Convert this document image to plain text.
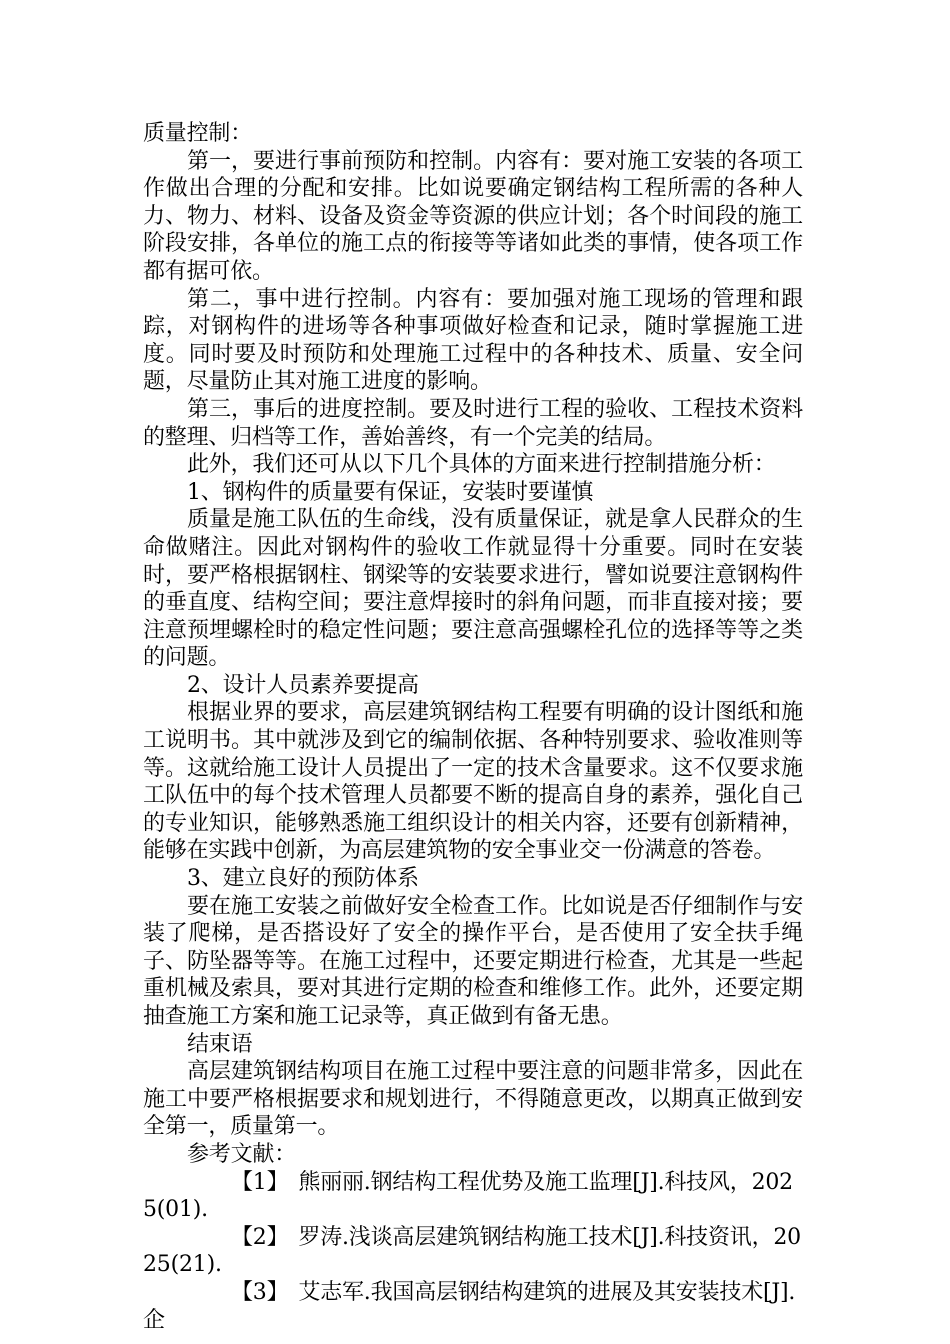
质量控制：

第一，要进行事前预防和控制。内容有：要对施工安装的各项工作做出合理的分配和安排。比如说要确定钢结构工程所需的各种人力、物力、材料、设备及资金等资源的供应计划；各个时间段的施工阶段安排，各单位的施工点的衔接等等诸如此类的事情，使各项工作都有据可依。

第二，事中进行控制。内容有：要加强对施工现场的管理和跟踪，对钢构件的进场等各种事项做好检查和记录，随时掌握施工进度。同时要及时预防和处理施工过程中的各种技术、质量、安全问题，尽量防止其对施工进度的影响。

第三，事后的进度控制。要及时进行工程的验收、工程技术资料的整理、归档等工作，善始善终，有一个完美的结局。

此外，我们还可从以下几个具体的方面来进行控制措施分析：

1、钢构件的质量要有保证，安装时要谨慎

质量是施工队伍的生命线，没有质量保证，就是拿人民群众的生命做赌注。因此对钢构件的验收工作就显得十分重要。同时在安装时，要严格根据钢柱、钢梁等的安装要求进行，譬如说要注意钢构件的垂直度、结构空间；要注意焊接时的斜角问题，而非直接对接；要注意预埋螺栓时的稳定性问题；要注意高强螺栓孔位的选择等等之类的问题。

2、设计人员素养要提高

根据业界的要求，高层建筑钢结构工程要有明确的设计图纸和施工说明书。其中就涉及到它的编制依据、各种特别要求、验收准则等等。这就给施工设计人员提出了一定的技术含量要求。这不仅要求施工队伍中的每个技术管理人员都要不断的提高自身的素养，强化自己的专业知识，能够熟悉施工组织设计的相关内容，还要有创新精神，能够在实践中创新，为高层建筑物的安全事业交一份满意的答卷。

3、建立良好的预防体系

要在施工安装之前做好安全检查工作。比如说是否仔细制作与安装了爬梯，是否搭设好了安全的操作平台，是否使用了安全扶手绳子、防坠器等等。在施工过程中，还要定期进行检查，尤其是一些起重机械及索具，要对其进行定期的检查和维修工作。此外，还要定期抽查施工方案和施工记录等，真正做到有备无患。

结束语

高层建筑钢结构项目在施工过程中要注意的问题非常多，因此在施工中要严格根据要求和规划进行，不得随意更改，以期真正做到安全第一，质量第一。

参考文献：

【1】 熊丽丽.钢结构工程优势及施工监理[J].科技风，2025(01).

【2】 罗涛.浅谈高层建筑钢结构施工技术[J].科技资讯，2025(21).

【3】 艾志军.我国高层钢结构建筑的进展及其安装技术[J].企
